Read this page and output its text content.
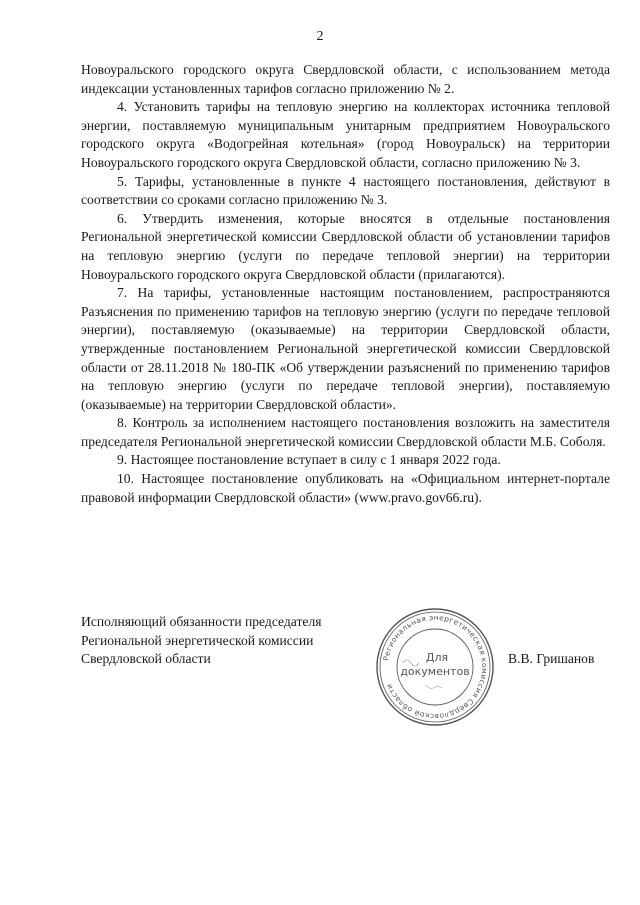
2

Новоуральского городского округа Свердловской области, с использованием метода индексации установленных тарифов согласно приложению № 2.

4. Установить тарифы на тепловую энергию на коллекторах источника тепловой энергии, поставляемую муниципальным унитарным предприятием Новоуральского городского округа «Водогрейная котельная» (город Новоуральск) на территории Новоуральского городского округа Свердловской области, согласно приложению № 3.

5. Тарифы, установленные в пункте 4 настоящего постановления, действуют в соответствии со сроками согласно приложению № 3.

6. Утвердить изменения, которые вносятся в отдельные постановления Региональной энергетической комиссии Свердловской области об установлении тарифов на тепловую энергию (услуги по передаче тепловой энергии) на территории Новоуральского городского округа Свердловской области (прилагаются).

7. На тарифы, установленные настоящим постановлением, распространяются Разъяснения по применению тарифов на тепловую энергию (услуги по передаче тепловой энергии), поставляемую (оказываемые) на территории Свердловской области, утвержденные постановлением Региональной энергетической комиссии Свердловской области от 28.11.2018 № 180-ПК «Об утверждении разъяснений по применению тарифов на тепловую энергию (услуги по передаче тепловой энергии), поставляемую (оказываемые) на территории Свердловской области».

8. Контроль за исполнением настоящего постановления возложить на заместителя председателя Региональной энергетической комиссии Свердловской области М.Б. Соболя.

9. Настоящее постановление вступает в силу с 1 января 2022 года.

10. Настоящее постановление опубликовать на «Официальном интернет-портале правовой информации Свердловской области» (www.pravo.gov66.ru).

Исполняющий обязанности председателя
Региональной энергетической комиссии
Свердловской области	Региональная энергетическая комиссия Свердловской области
Для
документов
В.В. Гришанов
